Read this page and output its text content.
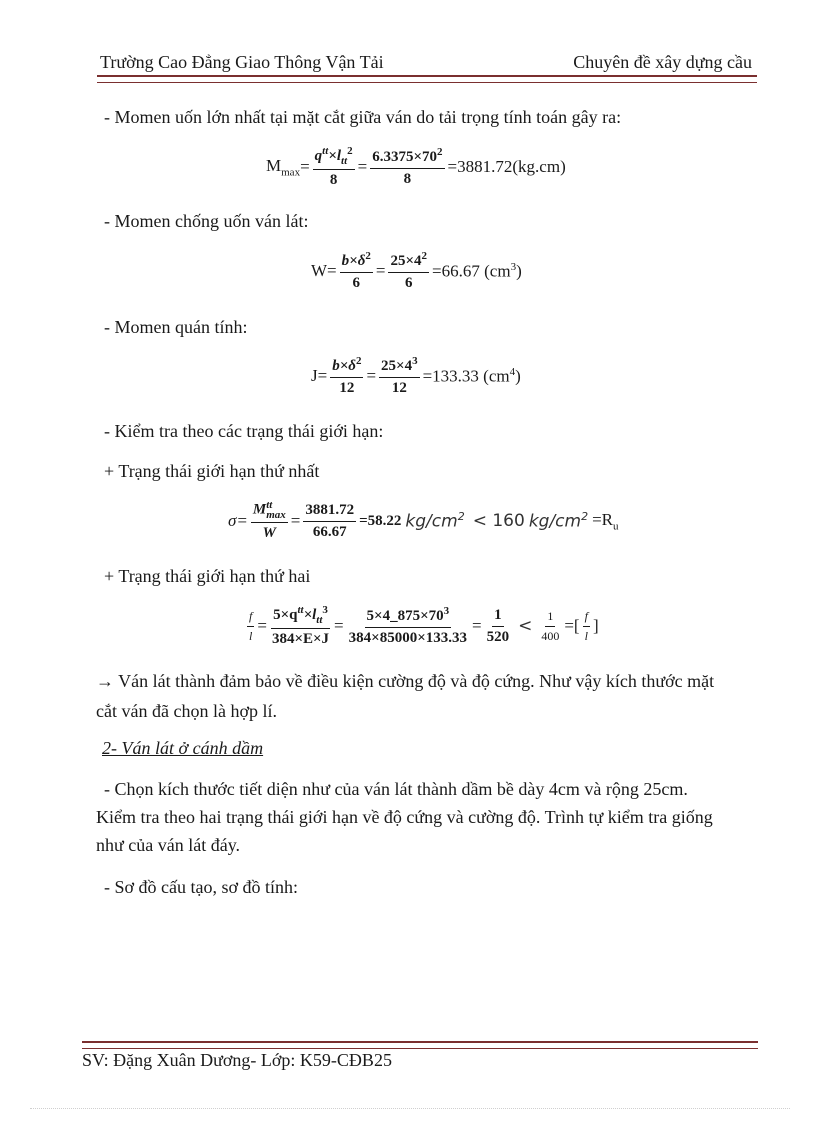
Trường Cao Đẳng Giao Thông Vận Tải	Chuyên đề xây dựng cầu
- Momen uốn lớn nhất tại mặt cắt giữa ván do tải trọng tính toán gây ra:
$M_{max} = \frac{q^{tt}\times l_{tt}^2}{8} = \frac{6.3375\times 70^2}{8} =3881.72(kg.cm)$
- Momen chống uốn ván lát:
$W= \frac{b\times\delta^2}{6} = \frac{25\times 4^2}{6} =66.67$ $(cm^3)$
- Momen quán tính:
$J= \frac{b\times\delta^2}{12} = \frac{25\times 4^3}{12} =133.33$ $(cm^4)$
- Kiểm tra theo các trạng thái giới hạn:
+ Trạng thái giới hạn thứ nhất
σ= M tt
max
$W = \frac{3881.72}{66.67} =58.22$ $kg/cm^2 < 160$ $kg/cm^2 =R_u$
+ Trạng thái giới hạn thứ hai
$\frac{f}{l} = \frac{5\times q^{tt}\times l_{tt}^3}{384\times E\times J} = \frac{5\times 4\_875\times 70^3}{384\times 85000\times 133.33} = \frac{1}{520} < \frac{1}{400}$ =[ $\frac{f}{l}$ ]
→ Ván lát thành đảm bảo về điều kiện cường độ và độ cứng. Như vậy kích thước mặt
cắt ván đã chọn là hợp lí.
2- Ván lát ở cánh dầm
- Chọn kích thước tiết diện như của ván lát thành dầm bề dày 4cm và rộng 25cm.
Kiểm tra theo hai trạng thái giới hạn về độ cứng và cường độ. Trình tự kiểm tra giống
như của ván lát đáy.
- Sơ đồ cấu tạo, sơ đồ tính:
SV: Đặng Xuân Dương- Lớp: K59-CĐB25
